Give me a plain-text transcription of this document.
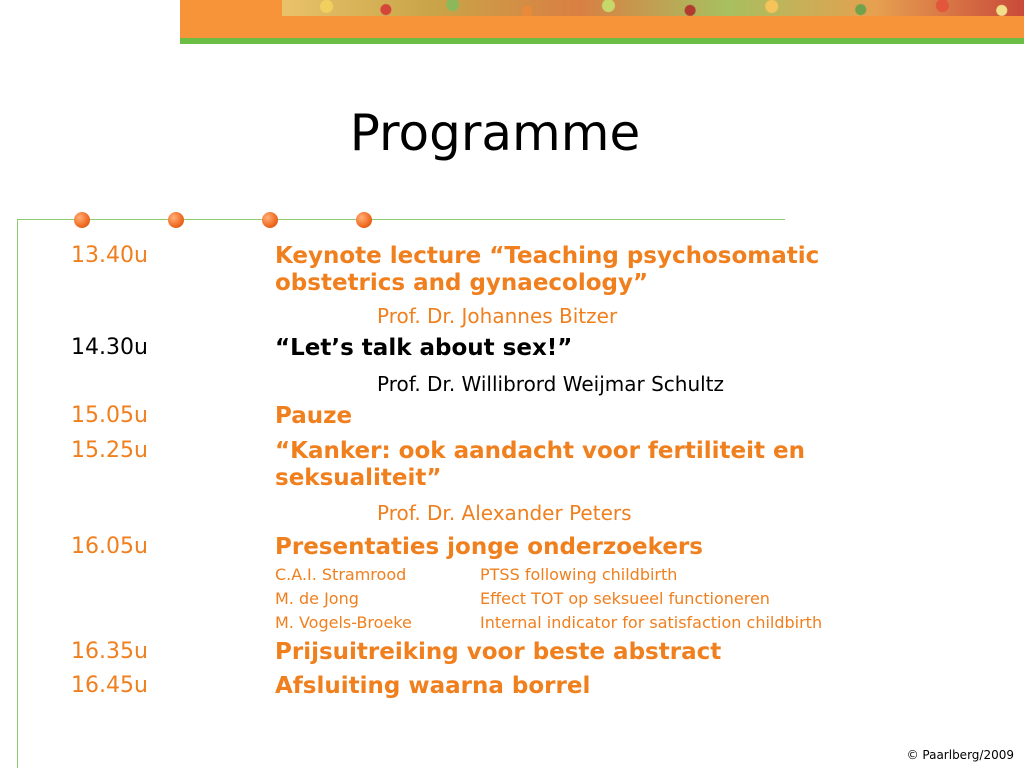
Programme
13.40u	Keynote lecture “Teaching psychosomatic
obstetrics and gynaecology”
Prof. Dr. Johannes Bitzer
14.30u	“Let’s talk about sex!”
Prof. Dr. Willibrord Weijmar Schultz
15.05u	Pauze
15.25u	“Kanker: ook aandacht voor fertiliteit en
seksualiteit”
Prof. Dr. Alexander Peters
16.05u	Presentaties jonge onderzoekers
C.A.I. Stramrood	PTSS following childbirth
M. de Jong	Effect TOT op seksueel functioneren
M. Vogels-Broeke	Internal indicator for satisfaction childbirth
16.35u	Prijsuitreiking voor beste abstract
16.45u	Afsluiting waarna borrel
© Paarlberg/2009
